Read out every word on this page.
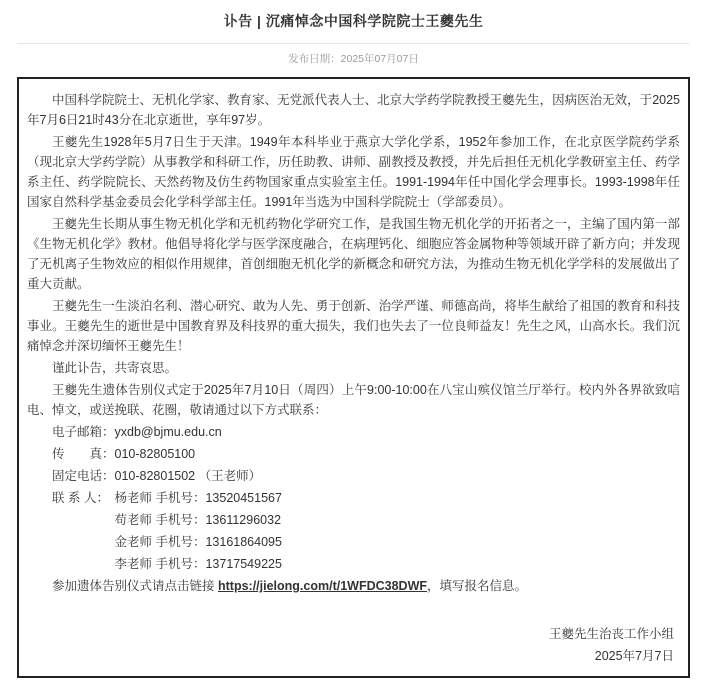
讣告 | 沉痛悼念中国科学院院士王夔先生
发布日期：2025年07月07日

中国科学院院士、无机化学家、教育家、无党派代表人士、北京大学药学院教授王夔先生，因病医治无效，于2025年7月6日21时43分在北京逝世，享年97岁。

王夔先生1928年5月7日生于天津。1949年本科毕业于燕京大学化学系，1952年参加工作，在北京医学院药学系（现北京大学药学院）从事教学和科研工作，历任助教、讲师、副教授及教授，并先后担任无机化学教研室主任、药学系主任、药学院院长、天然药物及仿生药物国家重点实验室主任。1991-1994年任中国化学会理事长。1993-1998年任国家自然科学基金委员会化学科学部主任。1991年当选为中国科学院院士（学部委员）。

王夔先生长期从事生物无机化学和无机药物化学研究工作，是我国生物无机化学的开拓者之一，主编了国内第一部《生物无机化学》教材。他倡导将化学与医学深度融合，在病理钙化、细胞应答金属物种等领域开辟了新方向；并发现了无机离子生物效应的相似作用规律，首创细胞无机化学的新概念和研究方法，为推动生物无机化学学科的发展做出了重大贡献。

王夔先生一生淡泊名利、潜心研究、敢为人先、勇于创新、治学严谨、师德高尚，将毕生献给了祖国的教育和科技事业。王夔先生的逝世是中国教育界及科技界的重大损失，我们也失去了一位良师益友！先生之风，山高水长。我们沉痛悼念并深切缅怀王夔先生！

谨此讣告，共寄哀思。

王夔先生遗体告别仪式定于2025年7月10日（周四）上午9:00-10:00在八宝山殡仪馆兰厅举行。校内外各界欲致唁电、悼文，或送挽联、花圈，敬请通过以下方式联系：

电子邮箱：yxdb@bjmu.edu.cn

传　　真：010-82805100

固定电话：010-82801502 （王老师）

联 系 人： 杨老师 手机号：13520451567

苟老师 手机号：13611296032

金老师 手机号：13161864095

李老师 手机号：13717549225

参加遗体告别仪式请点击链接 https://jielong.com/t/1WFDC38DWF，填写报名信息。

王夔先生治丧工作小组

2025年7月7日
